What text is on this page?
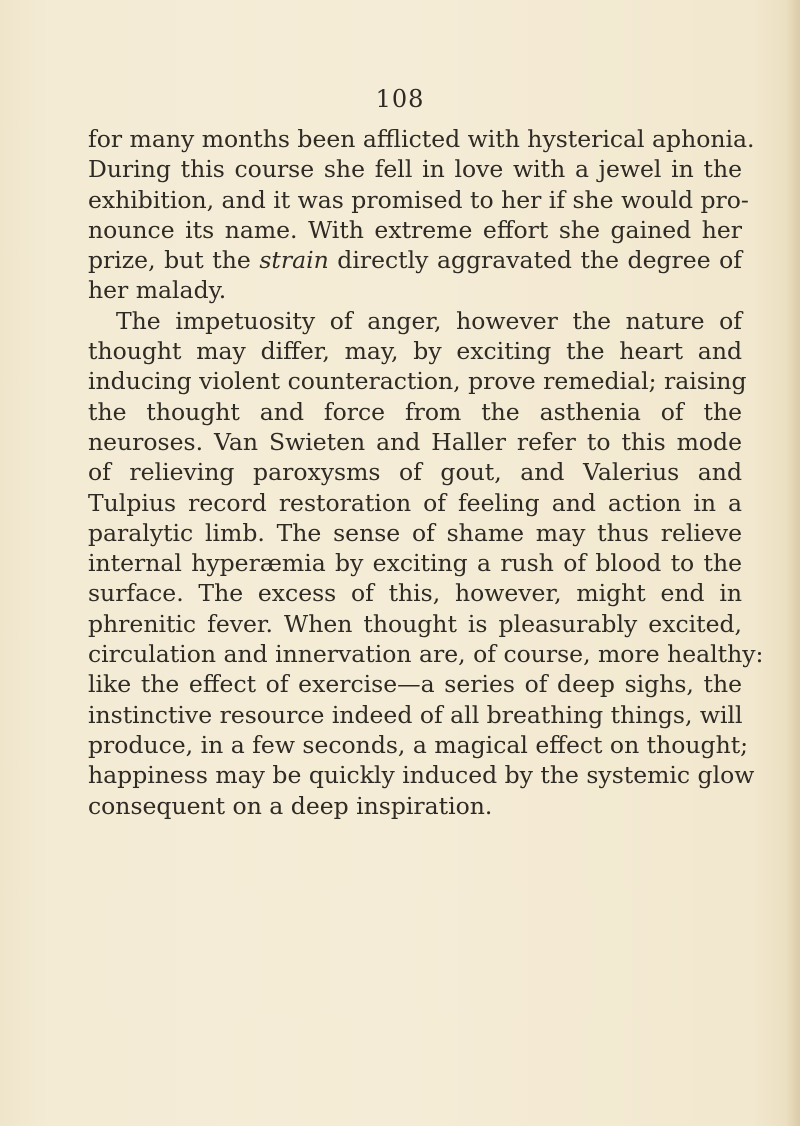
108
for many months been afflicted with hysterical aphonia.
During this course she fell in love with a jewel in the
exhibition, and it was promised to her if she would pro-
nounce its name. With extreme effort she gained her
prize, but the strain directly aggravated the degree of
her malady.
The impetuosity of anger, however the nature of
thought may differ, may, by exciting the heart and
inducing violent counteraction, prove remedial; raising
the thought and force from the asthenia of the
neuroses. Van Swieten and Haller refer to this mode
of relieving paroxysms of gout, and Valerius and
Tulpius record restoration of feeling and action in a
paralytic limb. The sense of shame may thus relieve
internal hyperæmia by exciting a rush of blood to the
surface. The excess of this, however, might end in
phrenitic fever. When thought is pleasurably excited,
circulation and innervation are, of course, more healthy:
like the effect of exercise—a series of deep sighs, the
instinctive resource indeed of all breathing things, will
produce, in a few seconds, a magical effect on thought;
happiness may be quickly induced by the systemic glow
consequent on a deep inspiration.
